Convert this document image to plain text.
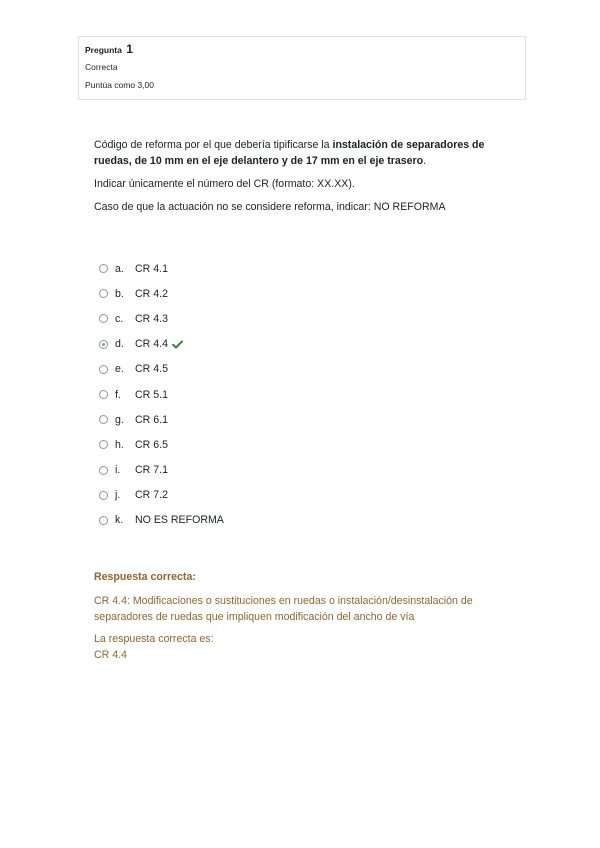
Pregunta 1
Correcta
Puntúa como 3,00

Código de reforma por el que debería tipificarse la instalación de separadores de ruedas, de 10 mm en el eje delantero y de 17 mm en el eje trasero.

Indicar únicamente el número del CR (formato: XX.XX).

Caso de que la actuación no se considere reforma, indicar: NO REFORMA

a.	CR 4.1
b.	CR 4.2
c.	CR 4.3
d.	CR 4.4
e.	CR 4.5
f.	CR 5.1
g.	CR 6.1
h.	CR 6.5
i.	CR 7.1
j.	CR 7.2
k.	NO ES REFORMA
Respuesta correcta:
CR 4.4: Modificaciones o sustituciones en ruedas o instalación/desinstalación de separadores de ruedas que impliquen modificación del ancho de vía
La respuesta correcta es:
CR 4.4
